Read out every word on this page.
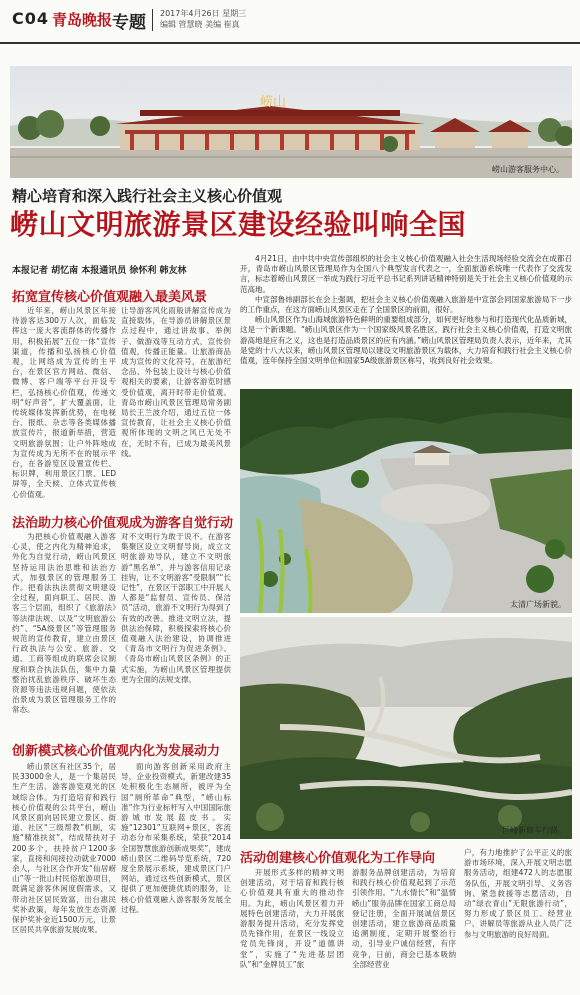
C04 青岛晚报 专题 2017年4月26日 星期三
编辑 管慧晓 美编 崔真
崂山
崂山游客服务中心。
精心培育和深入践行社会主义核心价值观
崂山文明旅游景区建设经验叫响全国
本报记者 胡忆南 本报通讯员 徐怀利 韩友林
4月21日，由中共中央宣传部组织的社会主义核心价值观融入社会生活现场经验交流会在成都召开，青岛市崂山风景区管理局作为全国八个典型发言代表之一，全面旅游系统唯一代表作了交流发言，标志着崂山风景区一举成为践行习近平总书记系列讲话精神特别是关于社会主义核心价值观的示范高地。
中宣部鲁炜副部长在会上强调，把社会主义核心价值观融入旅游是中宣部会同国家旅游局下一步的工作重点，在这方面崂山风景区走在了全国景区的前面，很好。
崂山风景区作为山海城旅游特色鲜明的重要组成部分，如何更好地参与和打造现代化品质新城，这是一个新课题。“崂山风景区作为一个国家级风景名胜区，践行社会主义核心价值观，打造文明旅游高地是应有之义，这也是打造品质景区的应有内涵。”崂山风景区管理局负责人表示，近年来，尤其是党的十八大以来，崂山风景区管理局以建设文明旅游景区为载体，大力培育和践行社会主义核心价值观，连年保持全国文明单位和国家5A级旅游景区称号，收到良好社会效果。
拓宽宣传核心价值观融入最美风景
近年来，崂山风景区年接待游客达300万人次，面临发挥这一庞大客流群体的传播作用，积极拓展“五位一体”宣传渠道，传播和弘扬核心价值观，让网络成为宣传的主平台，在景区官方网站、微信、微博、客户端等平台开设专栏，弘扬核心价值观，传递文明“好声音”，扩大覆盖面，让传统媒体发挥新优势，在电视台、报纸、杂志等各类媒体播放宣传片，报道新举措，营造文明旅游氛围；让户外阵地成为宣传成为无所不在的展示平台，在各游览区设置宣传栏、标识牌，利用景区门票、LED屏等，全天候、立体式宣传核心价值观。
让导游客风化雨般讲解宣传成为直接载体，在导游员讲解景区景点过程中，通过讲故事、举例子、做游戏等互动方式，宣传价值观，传播正能量。让旅游商品成为宣传的文化符号，在旅游纪念品、外包装上设计与核心价值观相关的要素，让游客游览时感受价值观，离开时带走价值观。青岛市崂山风景区管理局常务副局长王兰波介绍，通过五位一体宣传教育，让社会主义核心价值观所体现的文明之风已无处不在，无时不有，已成为最美风景线。
法治助力核心价值观成为游客自觉行动
为把核心价值观融入游客心灵，使之内化为精神追求，外化为自觉行动，崂山风景区坚持运用法治思维和法治方式，加强景区的管理服务工作。把看法执法贯彻文明建设全过程，面向职工、居民、游客三个层面，组织了《旅游法》等法律法规、以及“文明旅游公约”、“5A级景区”等管理服务规范的宣传教育，建立由景区行政执法与公安、旅游、交通、工商等组成的联席会议制度和联合执法队伍，集中力量整治扰乱旅游秩序、破坏生态资源等违法违规问题，使依法治景成为景区管理服务工作的常态。
对不文明行为敢于说不。在游客集聚区设立文明督导岗，成立文明旅游劝导队，建立不文明旅游“黑名单”，并与游客信用记录挂钩，让不文明游客“受限制”“长记性”，在景区干部职工中开展人人都是“监督员、宣传员、保洁员”活动，旅游不文明行为得到了有效的改善。推进文明立法，提供法治保障，积极探索将核心价值观融入法治建设，协调推进《青岛市文明行为促进条例》、《青岛市崂山风景区条例》的正式实施，为崂山风景区管理提供更为全面的法规支撑。
创新模式核心价值观内化为发展动力
崂山景区有社区35个，居民33000余人，是一个集居民生产生活、游客游览观光的区域综合体。为打造培育和践行核心价值观的公共平台，崂山风景区面向居民建立景区、街道、社区“三级帮教”机制，实施“精准扶贫”，结成帮扶对子200多个，扶持贫户1200多家，直接和间接拉动就业7000余人，与社区合作开发“仙居崂山”等一批山村民俗旅游项目，既满足游客休闲度假需求，又带动社区居民致富，出台惠民奖补政策，每年发放生态资源保护奖补金近1500万元，让景区居民共享旅游发展成果。
面向游客创新采用政府主导，企业投资模式，新建改建35处积极化生态厕所，被评为全国“厕所革命”典型，“崂山标准”作为行业标杆写入中国国际旅游城市发展蓝皮书。实施“12301”互联网+景区，客流动态分布采集系统，荣获“2014全国智慧旅游创新成果奖”，建成崂山景区二维码导览系统，720度全景展示系统，建成景区门户网站，通过这些创新模式，景区提供了更加便捷优质的服务，让核心价值观融入游客服务发展全过程。
太清广场新貌。
巨峰新修车行路。
活动创建核心价值观化为工作导向
开展形式多样的精神文明创建活动，对于培育和践行核心价值观具有重大的推动作用。为此，崂山风景区着力开展特色创建活动，大力开展旅游服务提升活动，充分发挥党员先锋作用，在景区一线设立党员先锋岗，开设“道德讲堂”，实施了“先进基层团队”和“金牌员工”旅
游服务品牌创建活动，为培育和践行核心价值观起到了示范引领作用。“九水情长”和“温情崂山”服务品牌在国家工商总局登记注册，全面开展诚信景区创建活动，建立旅游商品质量追溯制度，定期开展整治行动，引导业户诚信经营，有序竞争，日前，商会已基本吸纳全部经营业
户，有力地推护了公平正义的旅游市场环境，深入开展文明志愿服务活动，组建472人的志愿服务队伍，开展文明引导、义务咨询、紧急救援等志愿活动，自动“绿衣青山”无限旅游行动”，努力形成了景区员工、经营业户、讲解员等旅游从业人员广泛参与文明旅游的良好局面。
